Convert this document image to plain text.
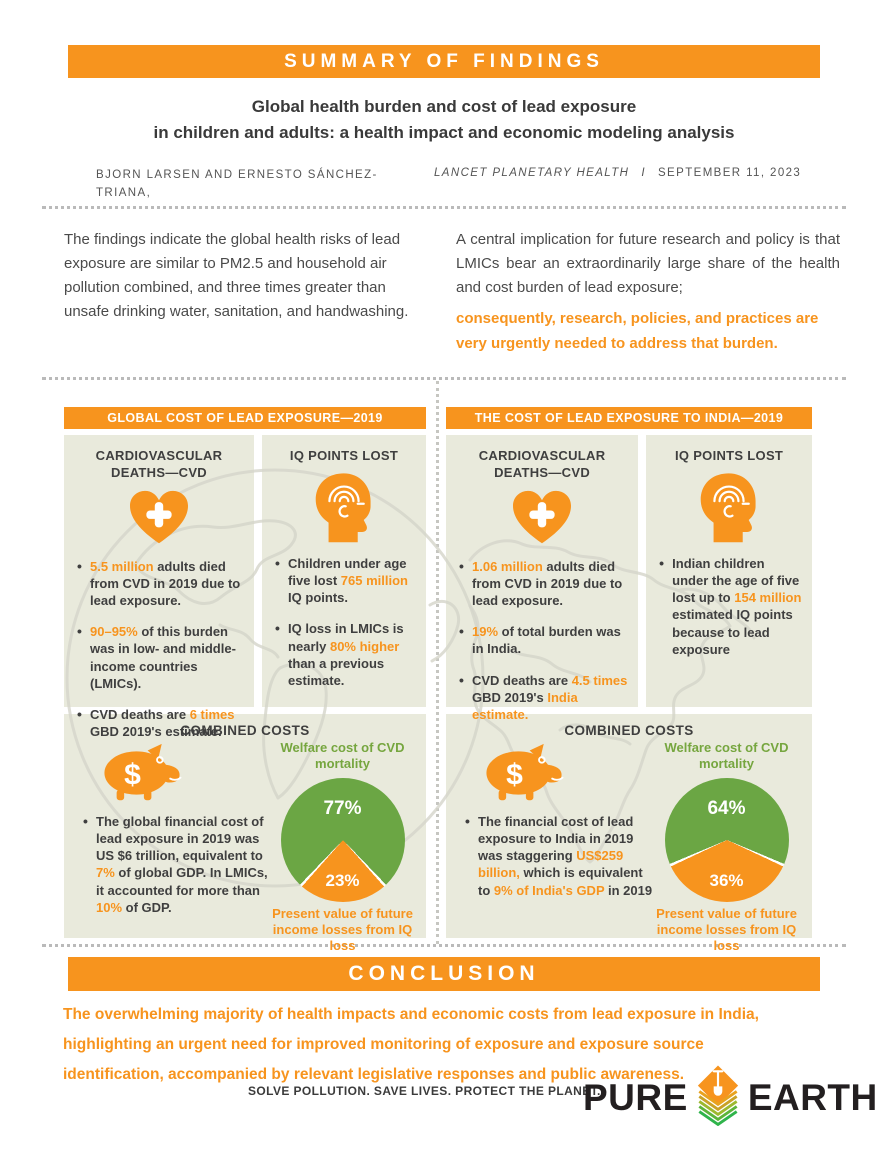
SUMMARY OF FINDINGS
Global health burden and cost of lead exposure
in children and adults: a health impact and economic modeling analysis
BJORN LARSEN AND ERNESTO SÁNCHEZ-TRIANA,
LANCET PLANETARY HEALTH I SEPTEMBER 11, 2023
The findings indicate the global health risks of lead exposure are similar to PM2.5 and household air pollution combined, and three times greater than unsafe drinking water, sanitation, and handwashing.
A central implication for future research and policy is that LMICs bear an extraordinarily large share of the health and cost burden of lead exposure;
consequently, research, policies, and practices are very urgently needed to address that burden.
GLOBAL COST OF LEAD EXPOSURE—2019
CARDIOVASCULAR DEATHS—CVD
• 5.5 million adults died from CVD in 2019 due to lead exposure.
• 90–95% of this burden was in low- and middle-income countries (LMICs).
• CVD deaths are 6 times GBD 2019's estimate.
IQ POINTS LOST
• Children under age five lost 765 million IQ points.
• IQ loss in LMICs is nearly 80% higher than a previous estimate.
COMBINED COSTS
$
• The global financial cost of lead exposure in 2019 was US $6 trillion, equivalent to 7% of global GDP. In LMICs, it accounted for more than 10% of GDP.
Welfare cost of CVD mortality
77%
23%
Present value of future income losses from IQ loss
THE COST OF LEAD EXPOSURE TO INDIA—2019
CARDIOVASCULAR DEATHS—CVD
• 1.06 million adults died from CVD in 2019 due to lead exposure.
• 19% of total burden was in India.
• CVD deaths are 4.5 times GBD 2019's India estimate.
IQ POINTS LOST
• Indian children under the age of five lost up to 154 million estimated IQ points because to lead exposure
COMBINED COSTS
$
• The financial cost of lead exposure to India in 2019 was staggering US$259 billion, which is equivalent to 9% of India's GDP in 2019
Welfare cost of CVD mortality
64%
36%
Present value of future income losses from IQ loss
CONCLUSION
The overwhelming majority of health impacts and economic costs from lead exposure in India, highlighting an urgent need for improved monitoring of exposure and exposure source identification, accompanied by relevant legislative responses and public awareness.
SOLVE POLLUTION. SAVE LIVES. PROTECT THE PLANET.
PURE EARTH
